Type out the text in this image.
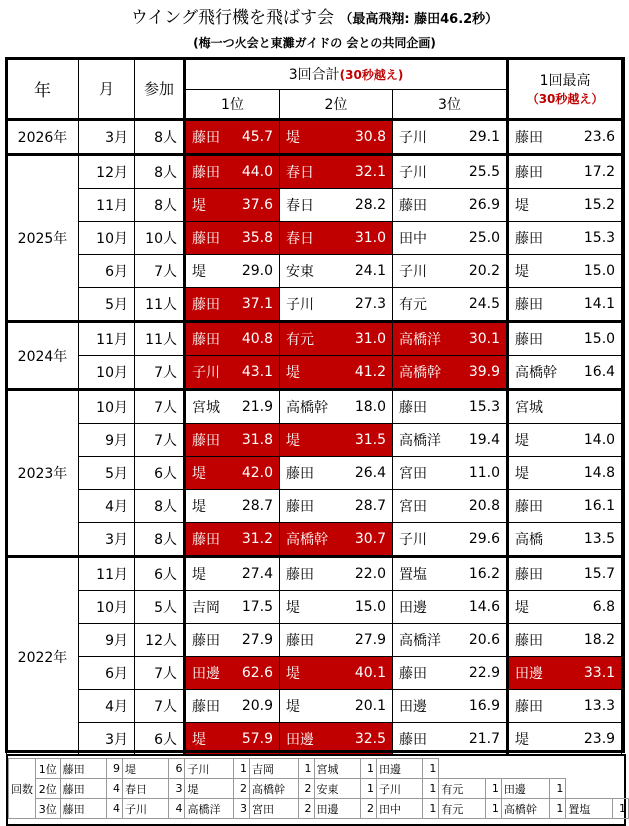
ウイング飛行機を飛ばす会 （最高飛翔: 藤田46.2秒）
(梅一つ火会と東灘ガイドの 会との共同企画)
年	月	参加	3回合計(30秒越え)						1回最高
（30秒越え）	

			1位		2位		3位			
2026年	3月	8人	藤田	45.7	堤	30.8	子川	29.1	藤田	23.6
2025年	12月	8人	藤田	44.0	春日	32.1	子川	25.5	藤田	17.2
	11月	8人	堤	37.6	春日	28.2	藤田	26.9	堤	15.2
	10月	10人	藤田	35.8	春日	31.0	田中	25.0	藤田	15.3
	6月	7人	堤	29.0	安東	24.1	子川	20.2	堤	15.0
	5月	11人	藤田	37.1	子川	27.3	有元	24.5	藤田	14.1
2024年	11月	11人	藤田	40.8	有元	31.0	高橋洋	30.1	藤田	15.0
	10月	7人	子川	43.1	堤	41.2	高橋幹	39.9	高橋幹	16.4
2023年	10月	7人	宮城	21.9	高橋幹	18.0	藤田	15.3	宮城	
	9月	7人	藤田	31.8	堤	31.5	高橋洋	19.4	堤	14.0
	5月	6人	堤	42.0	藤田	26.4	宮田	11.0	堤	14.8
	4月	8人	堤	28.7	藤田	28.7	宮田	20.8	藤田	16.1
	3月	8人	藤田	31.2	高橋幹	30.7	子川	29.6	高橋	13.5
2022年	11月	6人	堤	27.4	藤田	22.0	置塩	16.2	藤田	15.7
	10月	5人	吉岡	17.5	堤	15.0	田邊	14.6	堤	6.8
	9月	12人	藤田	27.9	藤田	27.9	高橋洋	20.6	藤田	18.2
	6月	7人	田邊	62.6	堤	40.1	藤田	22.9	田邊	33.1
	4月	7人	藤田	20.9	堤	20.1	田邊	16.9	藤田	13.3
	3月	6人	堤	57.9	田邊	32.5	藤田	21.7	堤	23.9
回数	1位	藤田	9	堤	6	子川	1	吉岡	1	宮城	1	田邊	1						
	2位	藤田	4	春日	3	堤	2	高橋幹	2	安東	1	子川	1	有元	1	田邊	1		
	3位	藤田	4	子川	4	高橋洋	3	宮田	2	田邊	2	田中	1	有元	1	高橋幹	1	置塩	1
